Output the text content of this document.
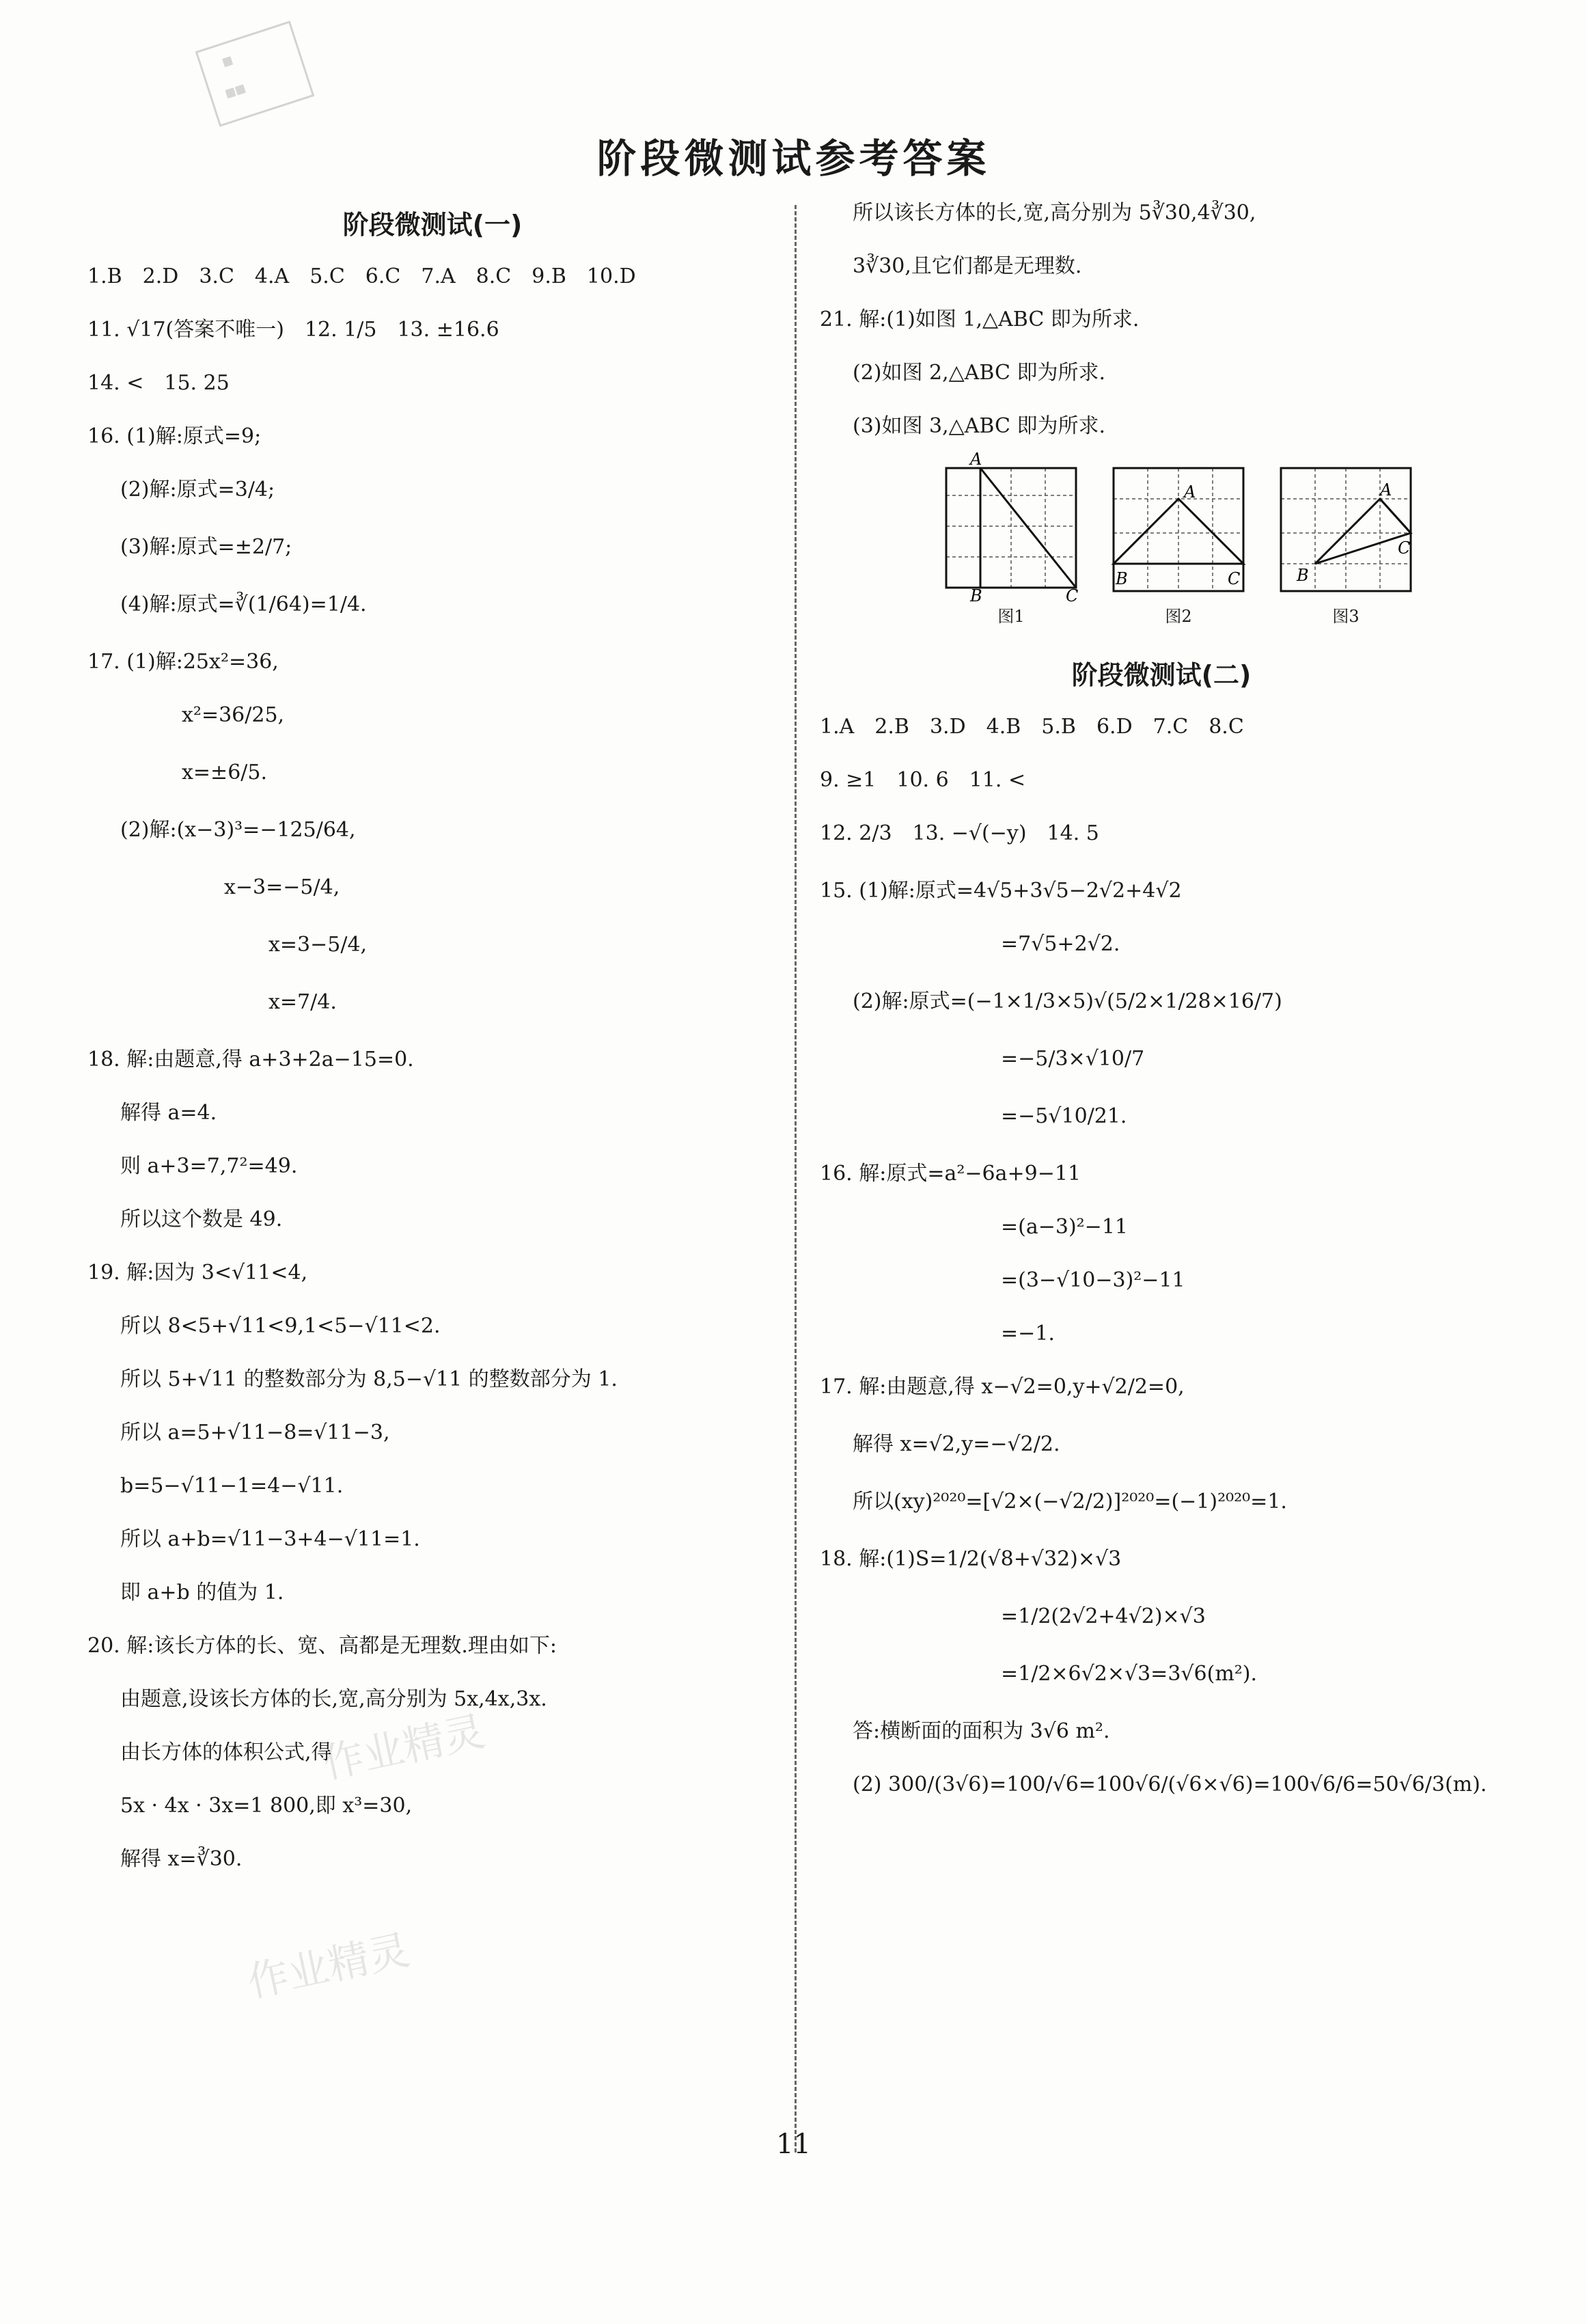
▦
▦▦
阶段微测试参考答案
作业精灵
作业精灵
阶段微测试(一)
1.B　2.D　3.C　4.A　5.C　6.C　7.A　8.C　9.B　10.D
11. √17(答案不唯一)　12. 1/5　13. ±16.6
14. <　15. 25
16. (1)解:原式=9;
(2)解:原式=3/4;
(3)解:原式=±2/7;
(4)解:原式=∛(1/64)=1/4.
17. (1)解:25x²=36,
x²=36/25,
x=±6/5.
(2)解:(x−3)³=−125/64,
x−3=−5/4,
x=3−5/4,
x=7/4.
18. 解:由题意,得 a+3+2a−15=0.
解得 a=4.
则 a+3=7,7²=49.
所以这个数是 49.
19. 解:因为 3<√11<4,
所以 8<5+√11<9,1<5−√11<2.
所以 5+√11 的整数部分为 8,5−√11 的整数部分为 1.
所以 a=5+√11−8=√11−3,
b=5−√11−1=4−√11.
所以 a+b=√11−3+4−√11=1.
即 a+b 的值为 1.
20. 解:该长方体的长、宽、高都是无理数.理由如下:
由题意,设该长方体的长,宽,高分别为 5x,4x,3x.
由长方体的体积公式,得
5x · 4x · 3x=1 800,即 x³=30,
解得 x=∛30.
所以该长方体的长,宽,高分别为 5∛30,4∛30,
3∛30,且它们都是无理数.
21. 解:(1)如图 1,△ABC 即为所求.
(2)如图 2,△ABC 即为所求.
(3)如图 3,△ABC 即为所求.
A
B	C
图1
A
B	C
图2
A
B
C
图3
阶段微测试(二)
1.A　2.B　3.D　4.B　5.B　6.D　7.C　8.C
9. ≥1　10. 6　11. <
12. 2/3　13. −√(−y)　14. 5
15. (1)解:原式=4√5+3√5−2√2+4√2
=7√5+2√2.
(2)解:原式=(−1×1/3×5)√(5/2×1/28×16/7)
=−5/3×√10/7
=−5√10/21.
16. 解:原式=a²−6a+9−11
=(a−3)²−11
=(3−√10−3)²−11
=−1.
17. 解:由题意,得 x−√2=0,y+√2/2=0,
解得 x=√2,y=−√2/2.
所以(xy)²⁰²⁰=[√2×(−√2/2)]²⁰²⁰=(−1)²⁰²⁰=1.
18. 解:(1)S=1/2(√8+√32)×√3
=1/2(2√2+4√2)×√3
=1/2×6√2×√3=3√6(m²).
答:横断面的面积为 3√6 m².
(2) 300/(3√6)=100/√6=100√6/(√6×√6)=100√6/6=50√6/3(m).
11
